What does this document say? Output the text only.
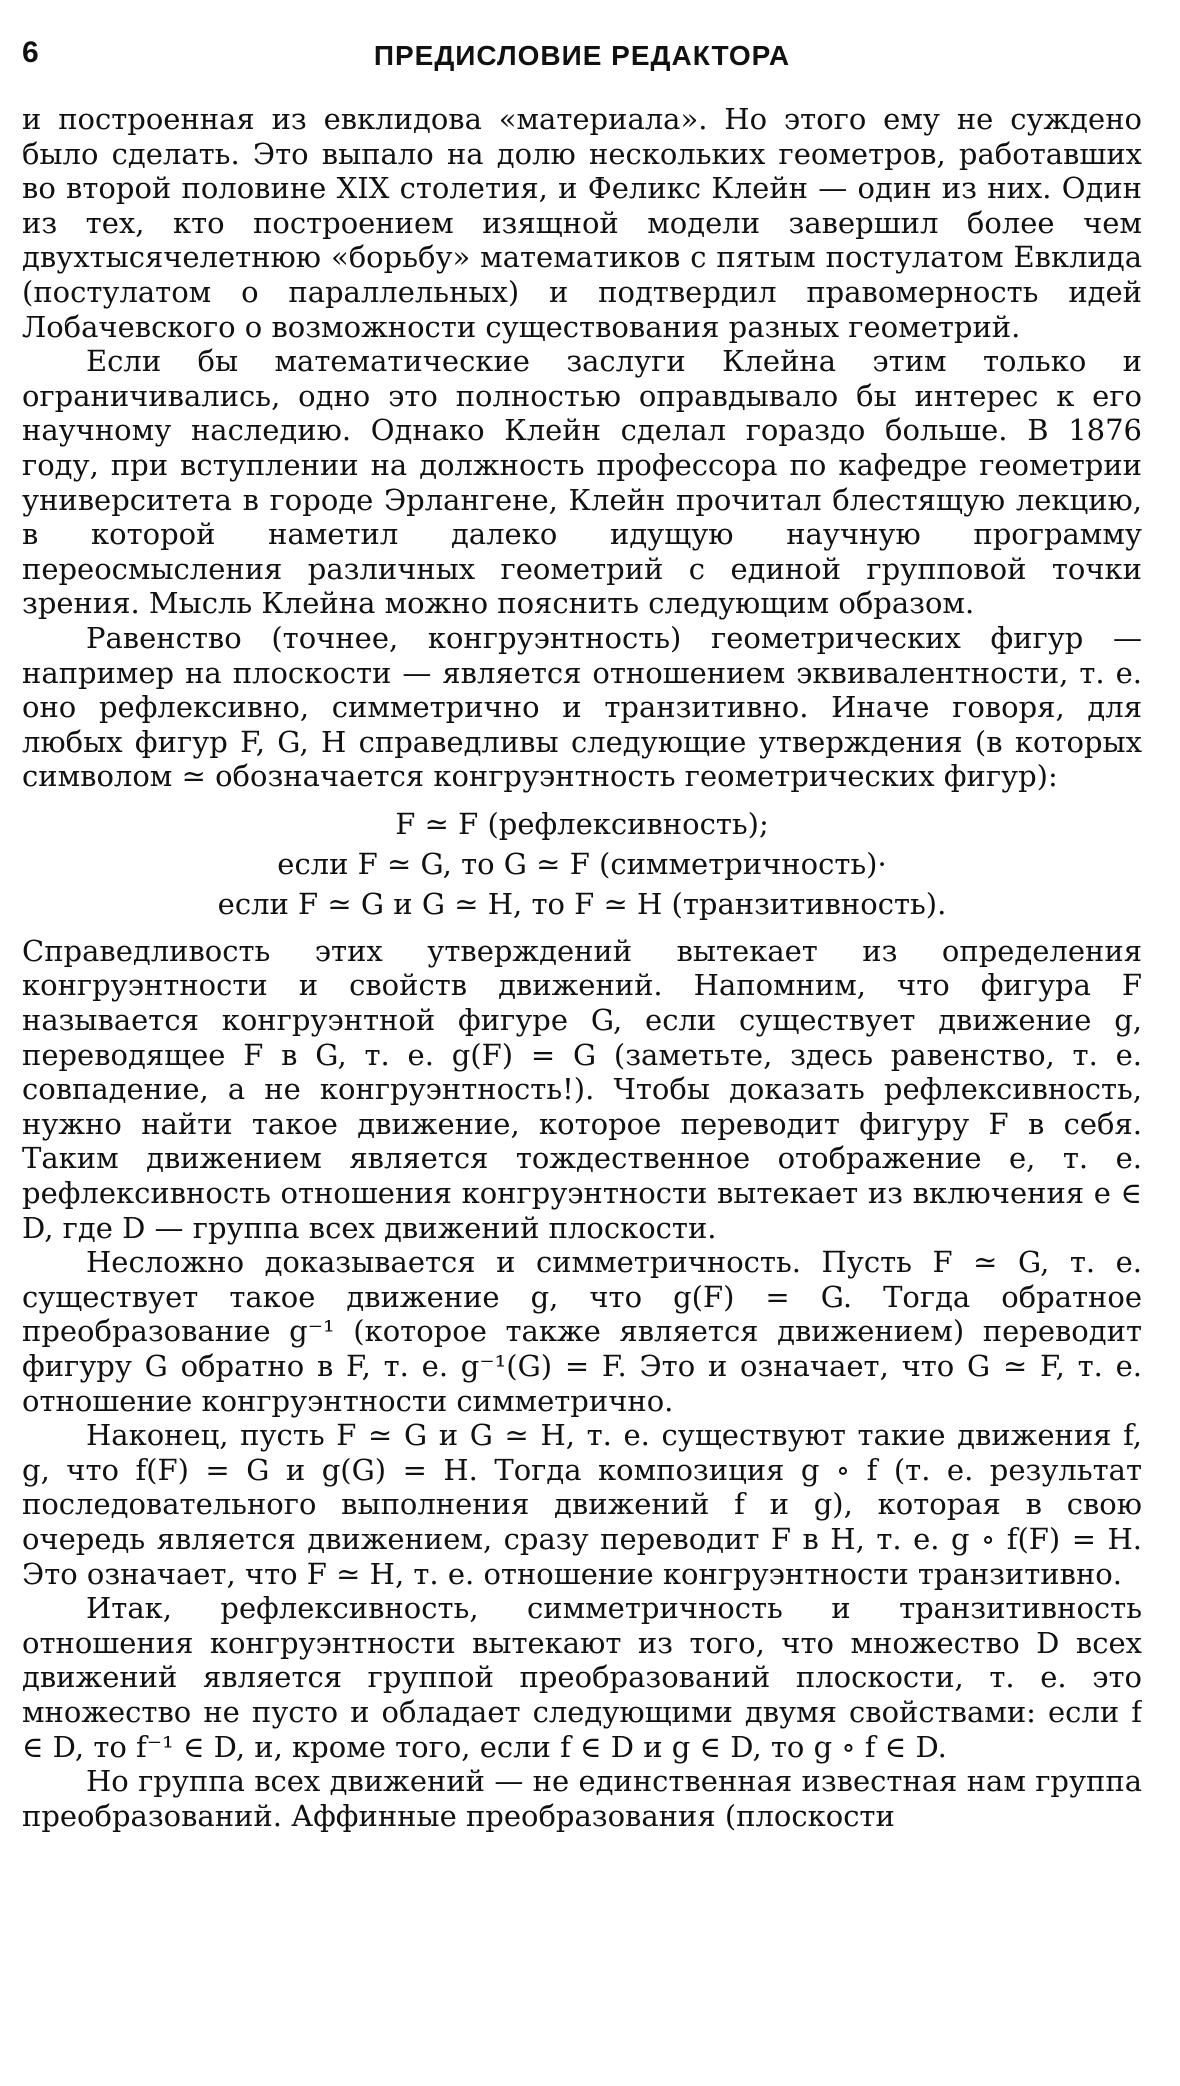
6	ПРЕДИСЛОВИЕ РЕДАКТОРА

и построенная из евклидова «материала». Но этого ему не суждено было сделать. Это выпало на долю нескольких геометров, работавших во второй половине XIX столетия, и Феликс Клейн — один из них. Один из тех, кто построением изящной модели завершил более чем двухтысячелетнюю «борьбу» математиков с пятым постулатом Евклида (постулатом о параллельных) и подтвердил правомерность идей Лобачевского о возможности существования разных геометрий.

Если бы математические заслуги Клейна этим только и ограничивались, одно это полностью оправдывало бы интерес к его научному наследию. Однако Клейн сделал гораздо больше. В 1876 году, при вступлении на должность профессора по кафедре геометрии университета в городе Эрлангене, Клейн прочитал блестящую лекцию, в которой наметил далеко идущую научную программу переосмысления различных геометрий с единой групповой точки зрения. Мысль Клейна можно пояснить следующим образом.

Равенство (точнее, конгруэнтность) геометрических фигур — например на плоскости — является отношением эквивалентности, т. е. оно рефлексивно, симметрично и транзитивно. Иначе говоря, для любых фигур F, G, H справедливы следующие утверждения (в которых символом ≃ обозначается конгруэнтность геометрических фигур):

F ≃ F (рефлексивность);
если F ≃ G, то G ≃ F (симметричность)·
если F ≃ G и G ≃ H, то F ≃ H (транзитивность).

Справедливость этих утверждений вытекает из определения конгруэнтности и свойств движений. Напомним, что фигура F называется конгруэнтной фигуре G, если существует движение g, переводящее F в G, т. е. g(F) = G (заметьте, здесь равенство, т. е. совпадение, а не конгруэнтность!). Чтобы доказать рефлексивность, нужно найти такое движение, которое переводит фигуру F в себя. Таким движением является тождественное отображение e, т. е. рефлексивность отношения конгруэнтности вытекает из включения e ∈ D, где D — группа всех движений плоскости.

Несложно доказывается и симметричность. Пусть F ≃ G, т. е. существует такое движение g, что g(F) = G. Тогда обратное преобразование g⁻¹ (которое также является движением) переводит фигуру G обратно в F, т. е. g⁻¹(G) = F. Это и означает, что G ≃ F, т. е. отношение конгруэнтности симметрично.

Наконец, пусть F ≃ G и G ≃ H, т. е. существуют такие движения f, g, что f(F) = G и g(G) = H. Тогда композиция g ∘ f (т. е. результат последовательного выполнения движений f и g), которая в свою очередь является движением, сразу переводит F в H, т. е. g ∘ f(F) = H. Это означает, что F ≃ H, т. е. отношение конгруэнтности транзитивно.

Итак, рефлексивность, симметричность и транзитивность отношения конгруэнтности вытекают из того, что множество D всех движений является группой преобразований плоскости, т. е. это множество не пусто и обладает следующими двумя свойствами: если f ∈ D, то f⁻¹ ∈ D, и, кроме того, если f ∈ D и g ∈ D, то g ∘ f ∈ D.

Но группа всех движений — не единственная известная нам группа преобразований. Аффинные преобразования (плоскости
